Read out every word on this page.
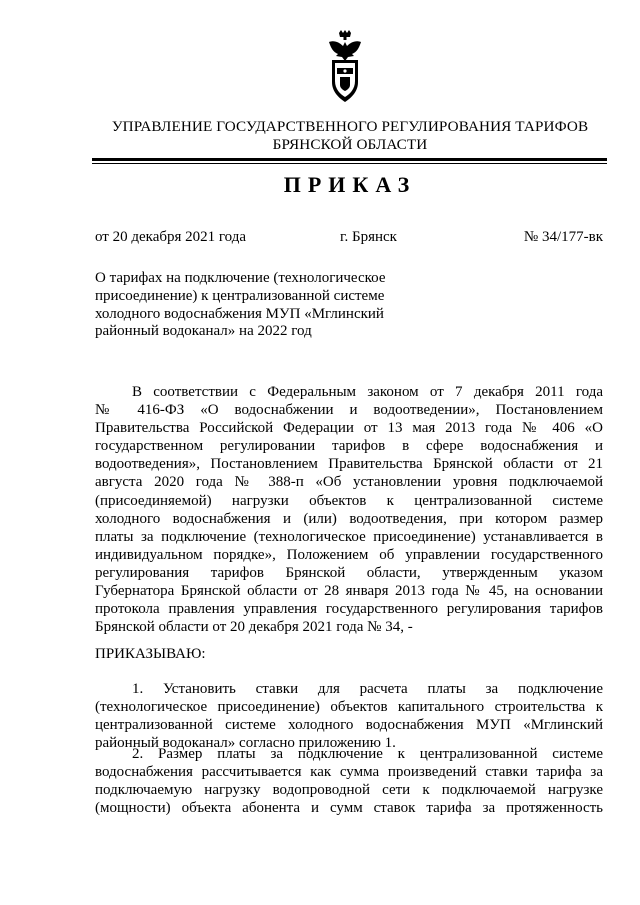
УПРАВЛЕНИЕ ГОСУДАРСТВЕННОГО РЕГУЛИРОВАНИЯ ТАРИФОВ
БРЯНСКОЙ ОБЛАСТИ
ПРИКАЗ
от 20 декабря 2021 года	г. Брянск	№ 34/177-вк
О тарифах на подключение (технологическое
присоединение) к централизованной системе
холодного водоснабжения МУП «Мглинский
районный водоканал» на 2022 год
В соответствии с Федеральным законом от 7 декабря 2011 года
№ 416-ФЗ «О водоснабжении и водоотведении», Постановлением
Правительства Российской Федерации от 13 мая 2013 года № 406 «О
государственном регулировании тарифов в сфере водоснабжения и
водоотведения», Постановлением Правительства Брянской области от 21
августа 2020 года № 388-п «Об установлении уровня подключаемой
(присоединяемой) нагрузки объектов к централизованной системе
холодного водоснабжения и (или) водоотведения, при котором размер
платы за подключение (технологическое присоединение) устанавливается в
индивидуальном порядке», Положением об управлении государственного
регулирования тарифов Брянской области, утвержденным указом
Губернатора Брянской области от 28 января 2013 года № 45, на основании
протокола правления управления государственного регулирования тарифов
Брянской области от 20 декабря 2021 года № 34, -
ПРИКАЗЫВАЮ:
1. Установить ставки для расчета платы за подключение
(технологическое присоединение) объектов капитального строительства к
централизованной системе холодного водоснабжения МУП «Мглинский
районный водоканал» согласно приложению 1.
2. Размер платы за подключение к централизованной системе
водоснабжения рассчитывается как сумма произведений ставки тарифа за
подключаемую нагрузку водопроводной сети к подключаемой нагрузке
(мощности) объекта абонента и сумм ставок тарифа за протяженность
